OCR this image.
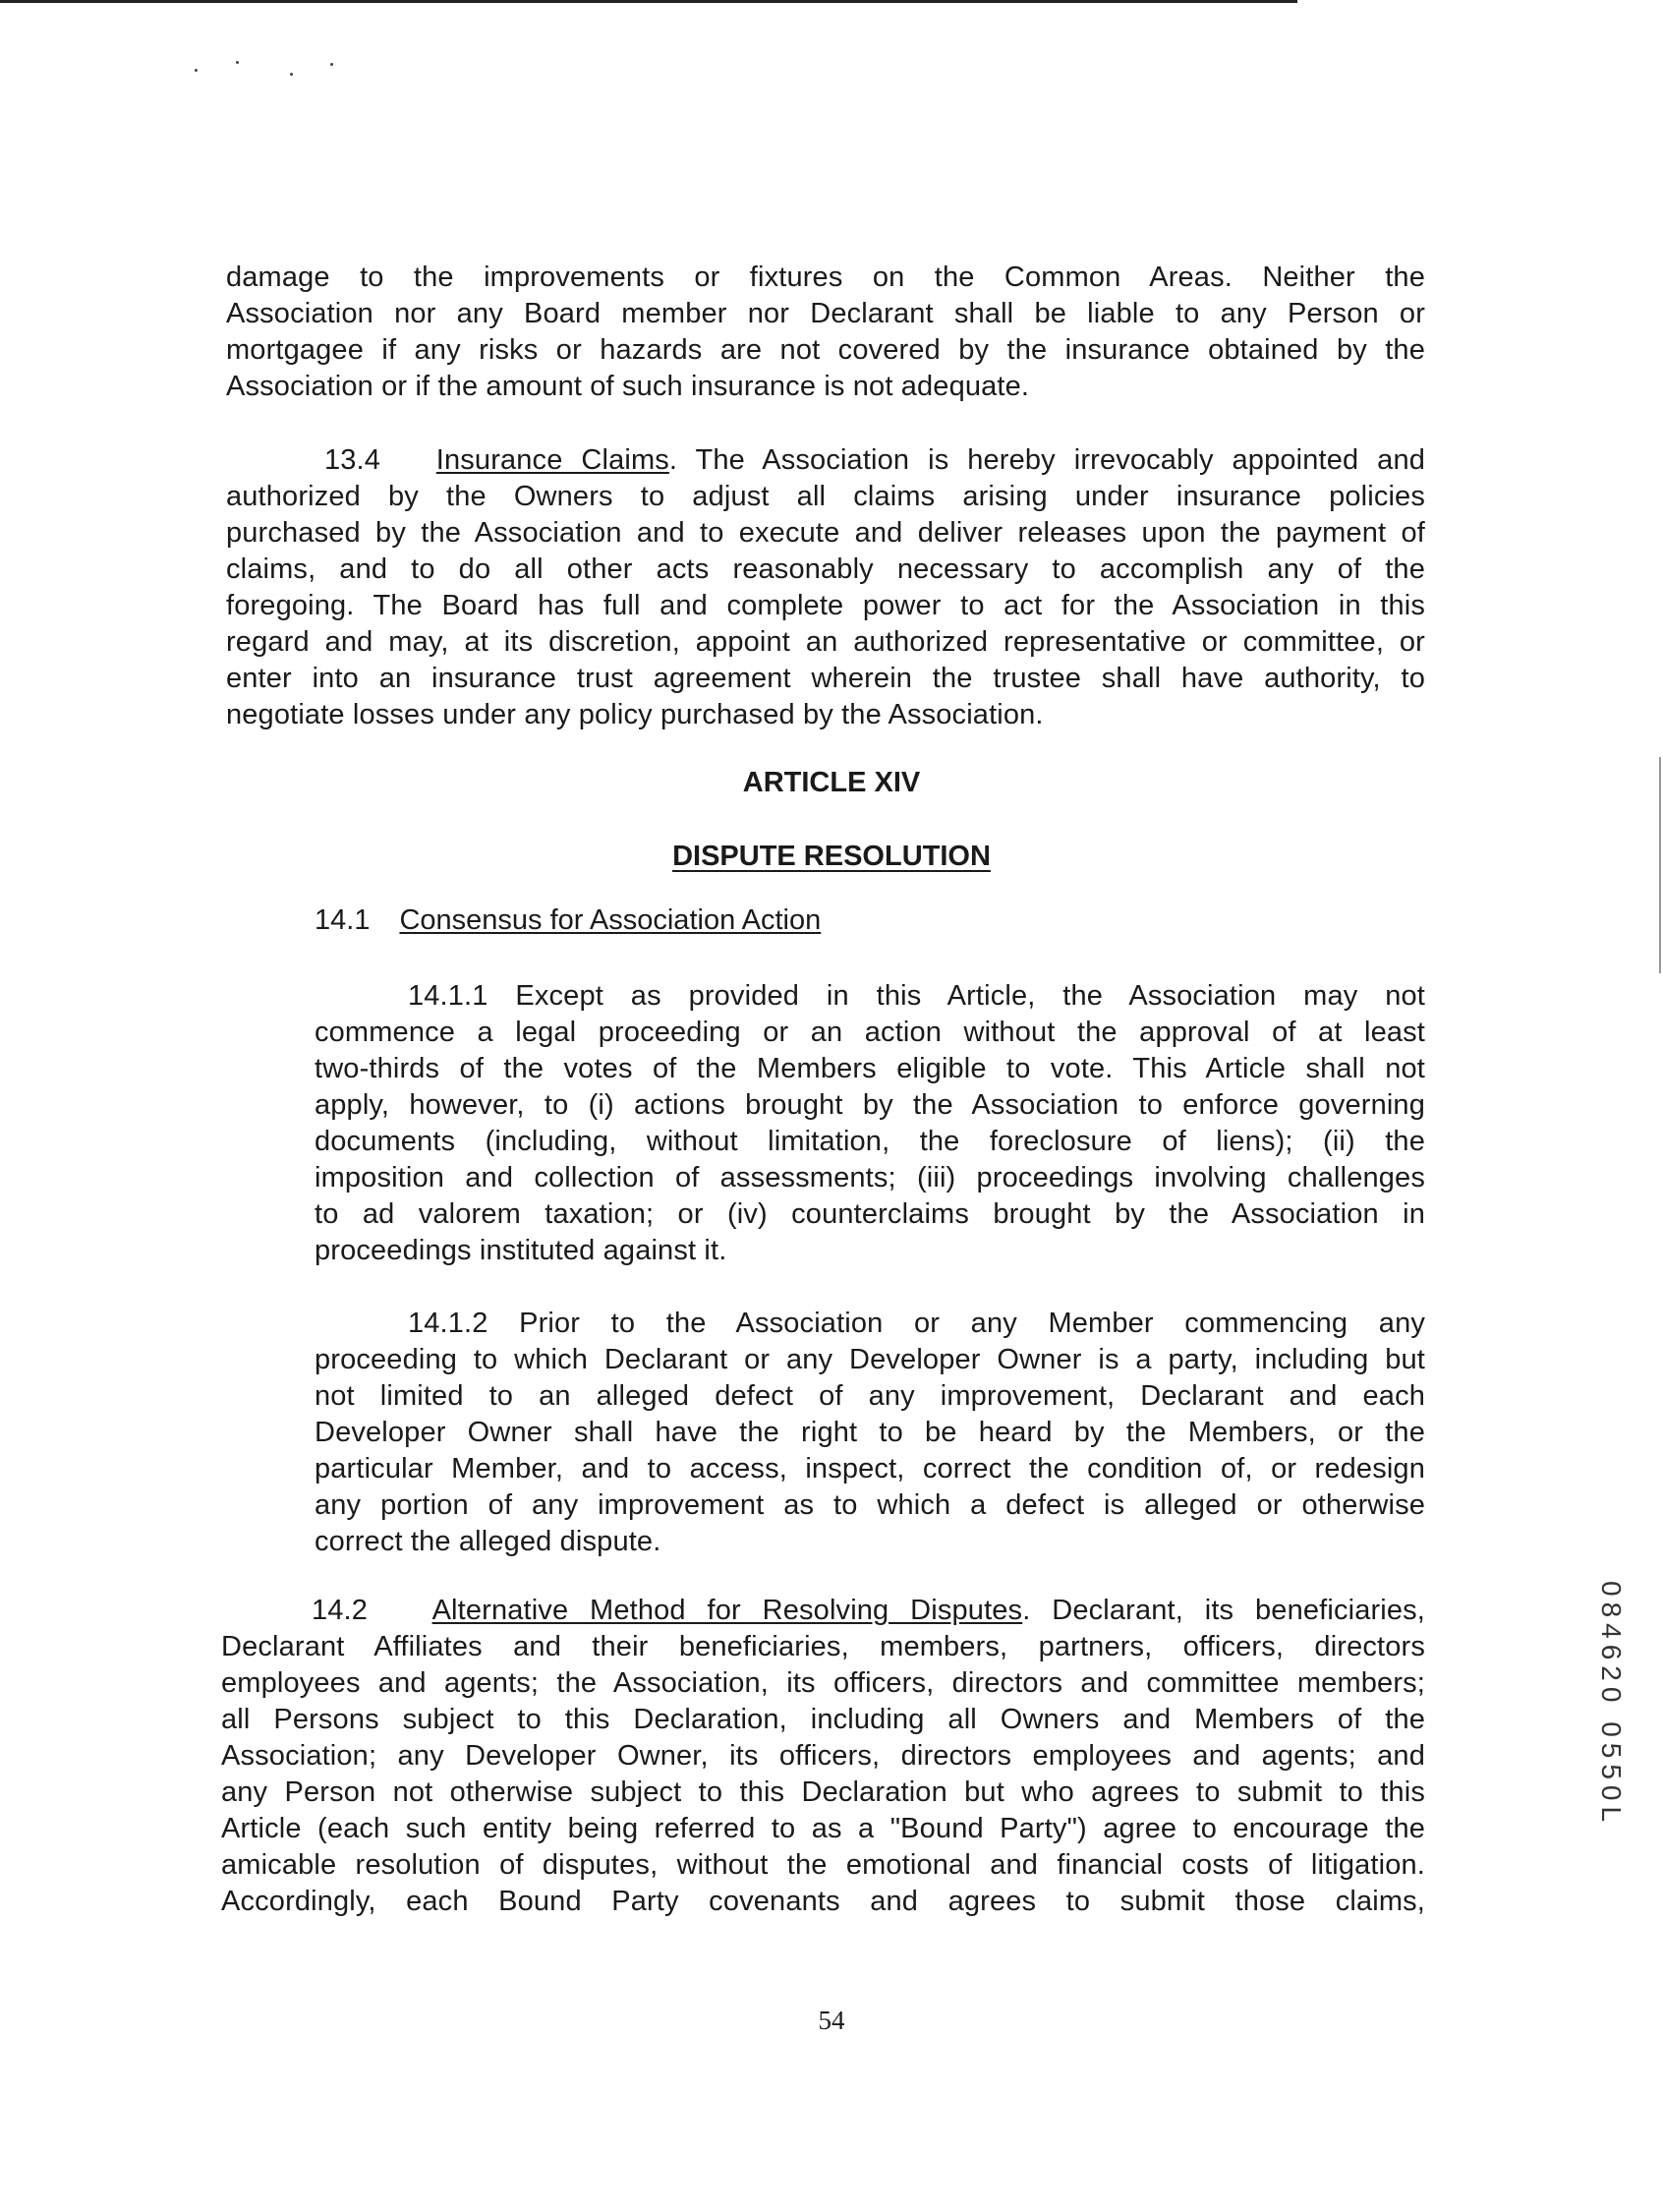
damage to the improvements or fixtures on the Common Areas. Neither the
Association nor any Board member nor Declarant shall be liable to any Person or
mortgagee if any risks or hazards are not covered by the insurance obtained by the
Association or if the amount of such insurance is not adequate.
13.4 Insurance Claims. The Association is hereby irrevocably appointed and
authorized by the Owners to adjust all claims arising under insurance policies
purchased by the Association and to execute and deliver releases upon the payment of
claims, and to do all other acts reasonably necessary to accomplish any of the
foregoing. The Board has full and complete power to act for the Association in this
regard and may, at its discretion, appoint an authorized representative or committee, or
enter into an insurance trust agreement wherein the trustee shall have authority, to
negotiate losses under any policy purchased by the Association.

ARTICLE XIV

DISPUTE RESOLUTION

14.1 Consensus for Association Action

14.1.1 Except as provided in this Article, the Association may not
commence a legal proceeding or an action without the approval of at least
two-thirds of the votes of the Members eligible to vote. This Article shall not
apply, however, to (i) actions brought by the Association to enforce governing
documents (including, without limitation, the foreclosure of liens); (ii) the
imposition and collection of assessments; (iii) proceedings involving challenges
to ad valorem taxation; or (iv) counterclaims brought by the Association in
proceedings instituted against it.
14.1.2 Prior to the Association or any Member commencing any
proceeding to which Declarant or any Developer Owner is a party, including but
not limited to an alleged defect of any improvement, Declarant and each
Developer Owner shall have the right to be heard by the Members, or the
particular Member, and to access, inspect, correct the condition of, or redesign
any portion of any improvement as to which a defect is alleged or otherwise
correct the alleged dispute.
14.2 Alternative Method for Resolving Disputes. Declarant, its beneficiaries,
Declarant Affiliates and their beneficiaries, members, partners, officers, directors
employees and agents; the Association, its officers, directors and committee members;
all Persons subject to this Declaration, including all Owners and Members of the
Association; any Developer Owner, its officers, directors employees and agents; and
any Person not otherwise subject to this Declaration but who agrees to submit to this
Article (each such entity being referred to as a "Bound Party") agree to encourage the
amicable resolution of disputes, without the emotional and financial costs of litigation.
Accordingly, each Bound Party covenants and agrees to submit those claims,
084620 0550L

54
